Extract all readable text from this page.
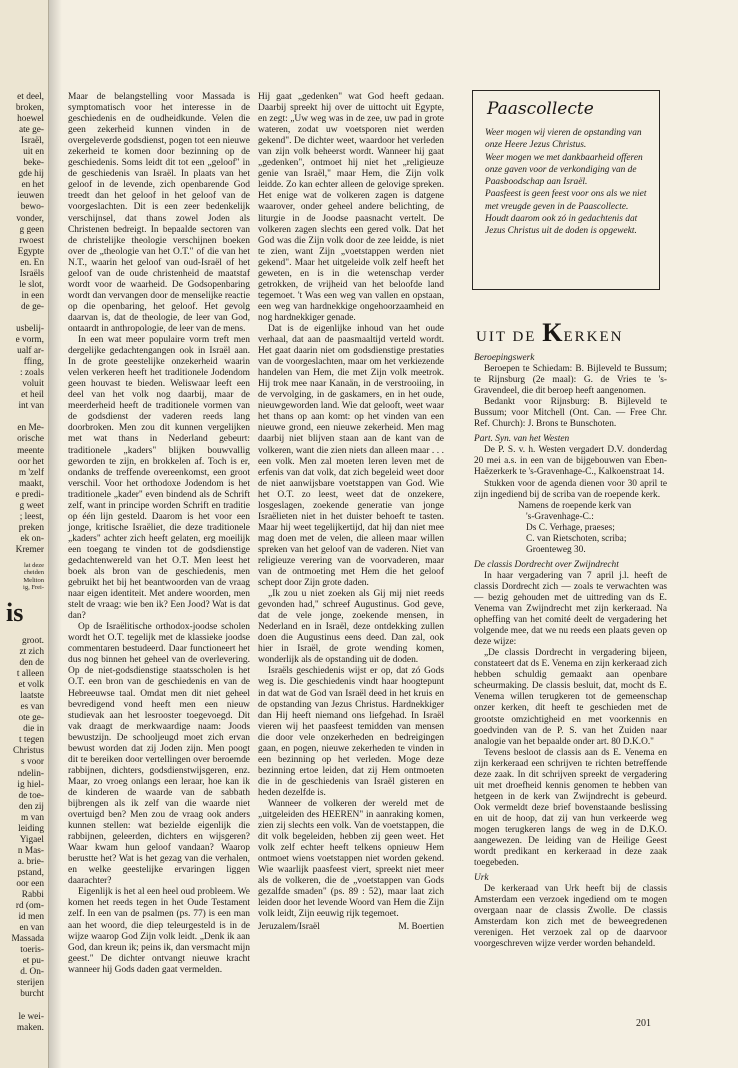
et deel,
broken,
hoewel
ate ge-
Israël,
uit en
beke-
gde hij
en het
ieuwen
bewo-
vonder,
g geen
rwoest
Egypte
en. En
Israëls
le slot,
in een
de ge-

usbelij-
e vorm,
ualf ar-
ffing,
: zoals
voluit
et heil
int van

en Me-
orische
meente
oor het
m 'zelf
maakt,
e predi-
g weet
; leest,
preken
ek on-
Kremer
lat deze
cheiden
Meliton
ig, Frei-
is
groot.
zt zich
den de
t alleen
et volk
laatste
es van
ote ge-
die in
t tegen
Christus
s voor
ndelin-
ig hiel-
de toe-
den zij
m van
leiding
Yigael
n Mas-
a. brie-
pstand,
oor een
Rabbi
rd (om-
id men
en van
Massada
toeris-
et pu-
d. On-
sterijen
burcht

le wei-
maken.

Maar de belangstelling voor Massada is symptomatisch voor het interesse in de geschiedenis en de oudheidkunde. Velen die geen zekerheid kunnen vinden in de overgeleverde godsdienst, pogen tot een nieuwe zekerheid te komen door bezinning op de geschiedenis. Soms leidt dit tot een „geloof" in de geschiedenis van Israël. In plaats van het geloof in de levende, zich openbarende God treedt dan het geloof in het geloof van de voorgeslachten. Dit is een zeer bedenkelijk verschijnsel, dat thans zowel Joden als Christenen bedreigt. In bepaalde sectoren van de christelijke theologie verschijnen boeken over de „theologie van het O.T." of die van het N.T., waarin het geloof van oud-Israël of het geloof van de oude christenheid de maatstaf wordt voor de waarheid. De Godsopenbaring wordt dan vervangen door de menselijke reactie op die openbaring, het geloof. Het gevolg daarvan is, dat de theologie, de leer van God, ontaardt in anthropologie, de leer van de mens.

In een wat meer populaire vorm treft men dergelijke gedachtengangen ook in Israël aan. In de grote geestelijke onzekerheid waarin velen verkeren heeft het traditionele Jodendom geen houvast te bieden. Weliswaar leeft een deel van het volk nog daarbij, maar de meerderheid heeft de traditionele vormen van de godsdienst der vaderen reeds lang doorbroken. Men zou dit kunnen vergelijken met wat thans in Nederland gebeurt: traditionele „kaders" blijken bouwvallig geworden te zijn, en brokkelen af. Toch is er, ondanks de treffende overeenkomst, een groot verschil. Voor het orthodoxe Jodendom is het traditionele „kader" even bindend als de Schrift zelf, want in principe worden Schrift en traditie op één lijn gesteld. Daarom is het voor een jonge, kritische Israëliet, die deze traditionele „kaders" achter zich heeft gelaten, erg moeilijk een toegang te vinden tot de godsdienstige gedachtenwereld van het O.T. Men leest het boek als bron van de geschiedenis, men gebruikt het bij het beantwoorden van de vraag naar eigen identiteit. Met andere woorden, men stelt de vraag: wie ben ik? Een Jood? Wat is dat dan?

Op de Israëlitische orthodox-joodse scholen wordt het O.T. tegelijk met de klassieke joodse commentaren bestudeerd. Daar functioneert het dus nog binnen het geheel van de overlevering. Op de niet-godsdienstige staatsscholen is het O.T. een bron van de geschiedenis en van de Hebreeuwse taal. Omdat men dit niet geheel bevredigend vond heeft men een nieuw studievak aan het lesrooster toegevoegd. Dit vak draagt de merkwaardige naam: Joods bewustzijn. De schooljeugd moet zich ervan bewust worden dat zij Joden zijn. Men poogt dit te bereiken door vertellingen over beroemde rabbijnen, dichters, godsdienstwijsgeren, enz. Maar, zo vroeg onlangs een leraar, hoe kan ik de kinderen de waarde van de sabbath bijbrengen als ik zelf van die waarde niet overtuigd ben? Men zou de vraag ook anders kunnen stellen: wat bezielde eigenlijk die rabbijnen, geleerden, dichters en wijsgeren? Waar kwam hun geloof vandaan? Waarop berustte het? Wat is het gezag van die verhalen, en welke geestelijke ervaringen liggen daarachter?

Eigenlijk is het al een heel oud probleem. We komen het reeds tegen in het Oude Testament zelf. In een van de psalmen (ps. 77) is een man aan het woord, die diep teleurgesteld is in de wijze waarop God Zijn volk leidt. „Denk ik aan God, dan kreun ik; peins ik, dan versmacht mijn geest." De dichter ontvangt nieuwe kracht wanneer hij Gods daden gaat vermelden.

Hij gaat „gedenken" wat God heeft gedaan. Daarbij spreekt hij over de uittocht uit Egypte, en zegt: „Uw weg was in de zee, uw pad in grote wateren, zodat uw voetsporen niet werden gekend". De dichter weet, waardoor het verleden van zijn volk beheerst wordt. Wanneer hij gaat „gedenken", ontmoet hij niet het „religieuze genie van Israël," maar Hem, die Zijn volk leidde. Zo kan echter alleen de gelovige spreken. Het enige wat de volkeren zagen is datgene waarover, onder geheel andere belichting, de liturgie in de Joodse paasnacht vertelt. De volkeren zagen slechts een gered volk. Dat het God was die Zijn volk door de zee leidde, is niet te zien, want Zijn „voetstappen werden niet gekend". Maar het uitgeleide volk zelf heeft het geweten, en is in die wetenschap verder getrokken, de vrijheid van het beloofde land tegemoet. 't Was een weg van vallen en opstaan, een weg van hardnekkige ongehoorzaamheid en nog hardnekkiger genade.

Dat is de eigenlijke inhoud van het oude verhaal, dat aan de paasmaaltijd verteld wordt. Het gaat daarin niet om godsdienstige prestaties van de voorgeslachten, maar om het verkiezende handelen van Hem, die met Zijn volk meetrok. Hij trok mee naar Kanaän, in de verstrooiing, in de vervolging, in de gaskamers, en in het oude, nieuwgeworden land. Wie dat gelooft, weet waar het thans op aan komt: op het vinden van een nieuwe grond, een nieuwe zekerheid. Men mag daarbij niet blijven staan aan de kant van de volkeren, want die zien niets dan alleen maar . . . een volk. Men zal moeten leren leven met de erfenis van dat volk, dat zich begeleid weet door de niet aanwijsbare voetstappen van God. Wie het O.T. zo leest, weet dat de onzekere, losgeslagen, zoekende generatie van jonge Israëlieten niet in het duister behoeft te tasten. Maar hij weet tegelijkertijd, dat hij dan niet mee mag doen met de velen, die alleen maar willen spreken van het geloof van de vaderen. Niet van religieuze verering van de voorvaderen, maar van de ontmoeting met Hem die het geloof schept door Zijn grote daden.

„Ik zou u niet zoeken als Gij mij niet reeds gevonden had," schreef Augustinus. God geve, dat de vele jonge, zoekende mensen, in Nederland en in Israël, deze ontdekking zullen doen die Augustinus eens deed. Dan zal, ook hier in Israël, de grote wending komen, wonderlijk als de opstanding uit de doden.

Israëls geschiedenis wijst er op, dat zó Gods weg is. Die geschiedenis vindt haar hoogtepunt in dat wat de God van Israël deed in het kruis en de opstanding van Jezus Christus. Hardnekkiger dan Hij heeft niemand ons liefgehad. In Israël vieren wij het paasfeest temidden van mensen die door vele onzekerheden en bedreigingen gaan, en pogen, nieuwe zekerheden te vinden in een bezinning op het verleden. Moge deze bezinning ertoe leiden, dat zij Hem ontmoeten die in de geschiedenis van Israël gisteren en heden dezelfde is.

Wanneer de volkeren der wereld met de „uitgeleiden des HEEREN" in aanraking komen, zien zij slechts een volk. Van de voetstappen, die dit volk begeleiden, hebben zij geen weet. Het volk zelf echter heeft telkens opnieuw Hem ontmoet wiens voetstappen niet worden gekend. Wie waarlijk paasfeest viert, spreekt niet meer als de volkeren, die de „voetstappen van Gods gezalfde smaden" (ps. 89 : 52), maar laat zich leiden door het levende Woord van Hem die Zijn volk leidt, Zijn eeuwig rijk tegemoet.

Jeruzalem/Israël	M. Boertien
Paascollecte

Weer mogen wij vieren de opstanding van onze Heere Jezus Christus.

Weer mogen we met dankbaarheid offeren onze gaven voor de verkondiging van de Paasboodschap aan Israël.

Paasfeest is geen feest voor ons als we niet met vreugde geven in de Paascollecte.

Houdt daarom ook zó in gedachtenis dat Jezus Christus uit de doden is opgewekt.

UIT DE KERKEN

Beroepingswerk

Beroepen te Schiedam: B. Bijleveld te Bussum; te Rijnsburg (2e maal): G. de Vries te 's-Gravendeel, die dit beroep heeft aangenomen.

Bedankt voor Rijnsburg: B. Bijleveld te Bussum; voor Mitchell (Ont. Can. — Free Chr. Ref. Church): J. Brons te Bunschoten.

Part. Syn. van het Westen

De P. S. v. h. Westen vergadert D.V. donderdag 20 mei a.s. in een van de bijgebouwen van Eben-Haëzerkerk te 's-Gravenhage-C., Kalkoenstraat 14.

Stukken voor de agenda dienen voor 30 april te zijn ingediend bij de scriba van de roepende kerk.

Namens de roepende kerk van

's-Gravenhage-C.:

Ds C. Verhage, praeses;

C. van Rietschoten, scriba;

Groenteweg 30.

De classis Dordrecht over Zwijndrecht

In haar vergadering van 7 april j.l. heeft de classis Dordrecht zich — zoals te verwachten was — bezig gehouden met de uittreding van ds E. Venema van Zwijndrecht met zijn kerkeraad. Na opheffing van het comité deelt de vergadering het volgende mee, dat we nu reeds een plaats geven op deze wijze:

„De classis Dordrecht in vergadering bijeen, constateert dat ds E. Venema en zijn kerkeraad zich hebben schuldig gemaakt aan openbare scheurmaking. De classis besluit, dat, mocht ds E. Venema willen terugkeren tot de gemeenschap onzer kerken, dit heeft te geschieden met de grootste omzichtigheid en met voorkennis en goedvinden van de P. S. van het Zuiden naar analogie van het bepaalde onder art. 80 D.K.O."

Tevens besloot de classis aan ds E. Venema en zijn kerkeraad een schrijven te richten betreffende deze zaak. In dit schrijven spreekt de vergadering uit met droefheid kennis genomen te hebben van hetgeen in de kerk van Zwijndrecht is gebeurd. Ook vermeldt deze brief bovenstaande beslissing en uit de hoop, dat zij van hun verkeerde weg mogen terugkeren langs de weg in de D.K.O. aangewezen. De leiding van de Heilige Geest wordt predikant en kerkeraad in deze zaak toegebeden.

Urk

De kerkeraad van Urk heeft bij de classis Amsterdam een verzoek ingediend om te mogen overgaan naar de classis Zwolle. De classis Amsterdam kon zich met de beweegredenen verenigen. Het verzoek zal op de daarvoor voorgeschreven wijze verder worden behandeld.

201
